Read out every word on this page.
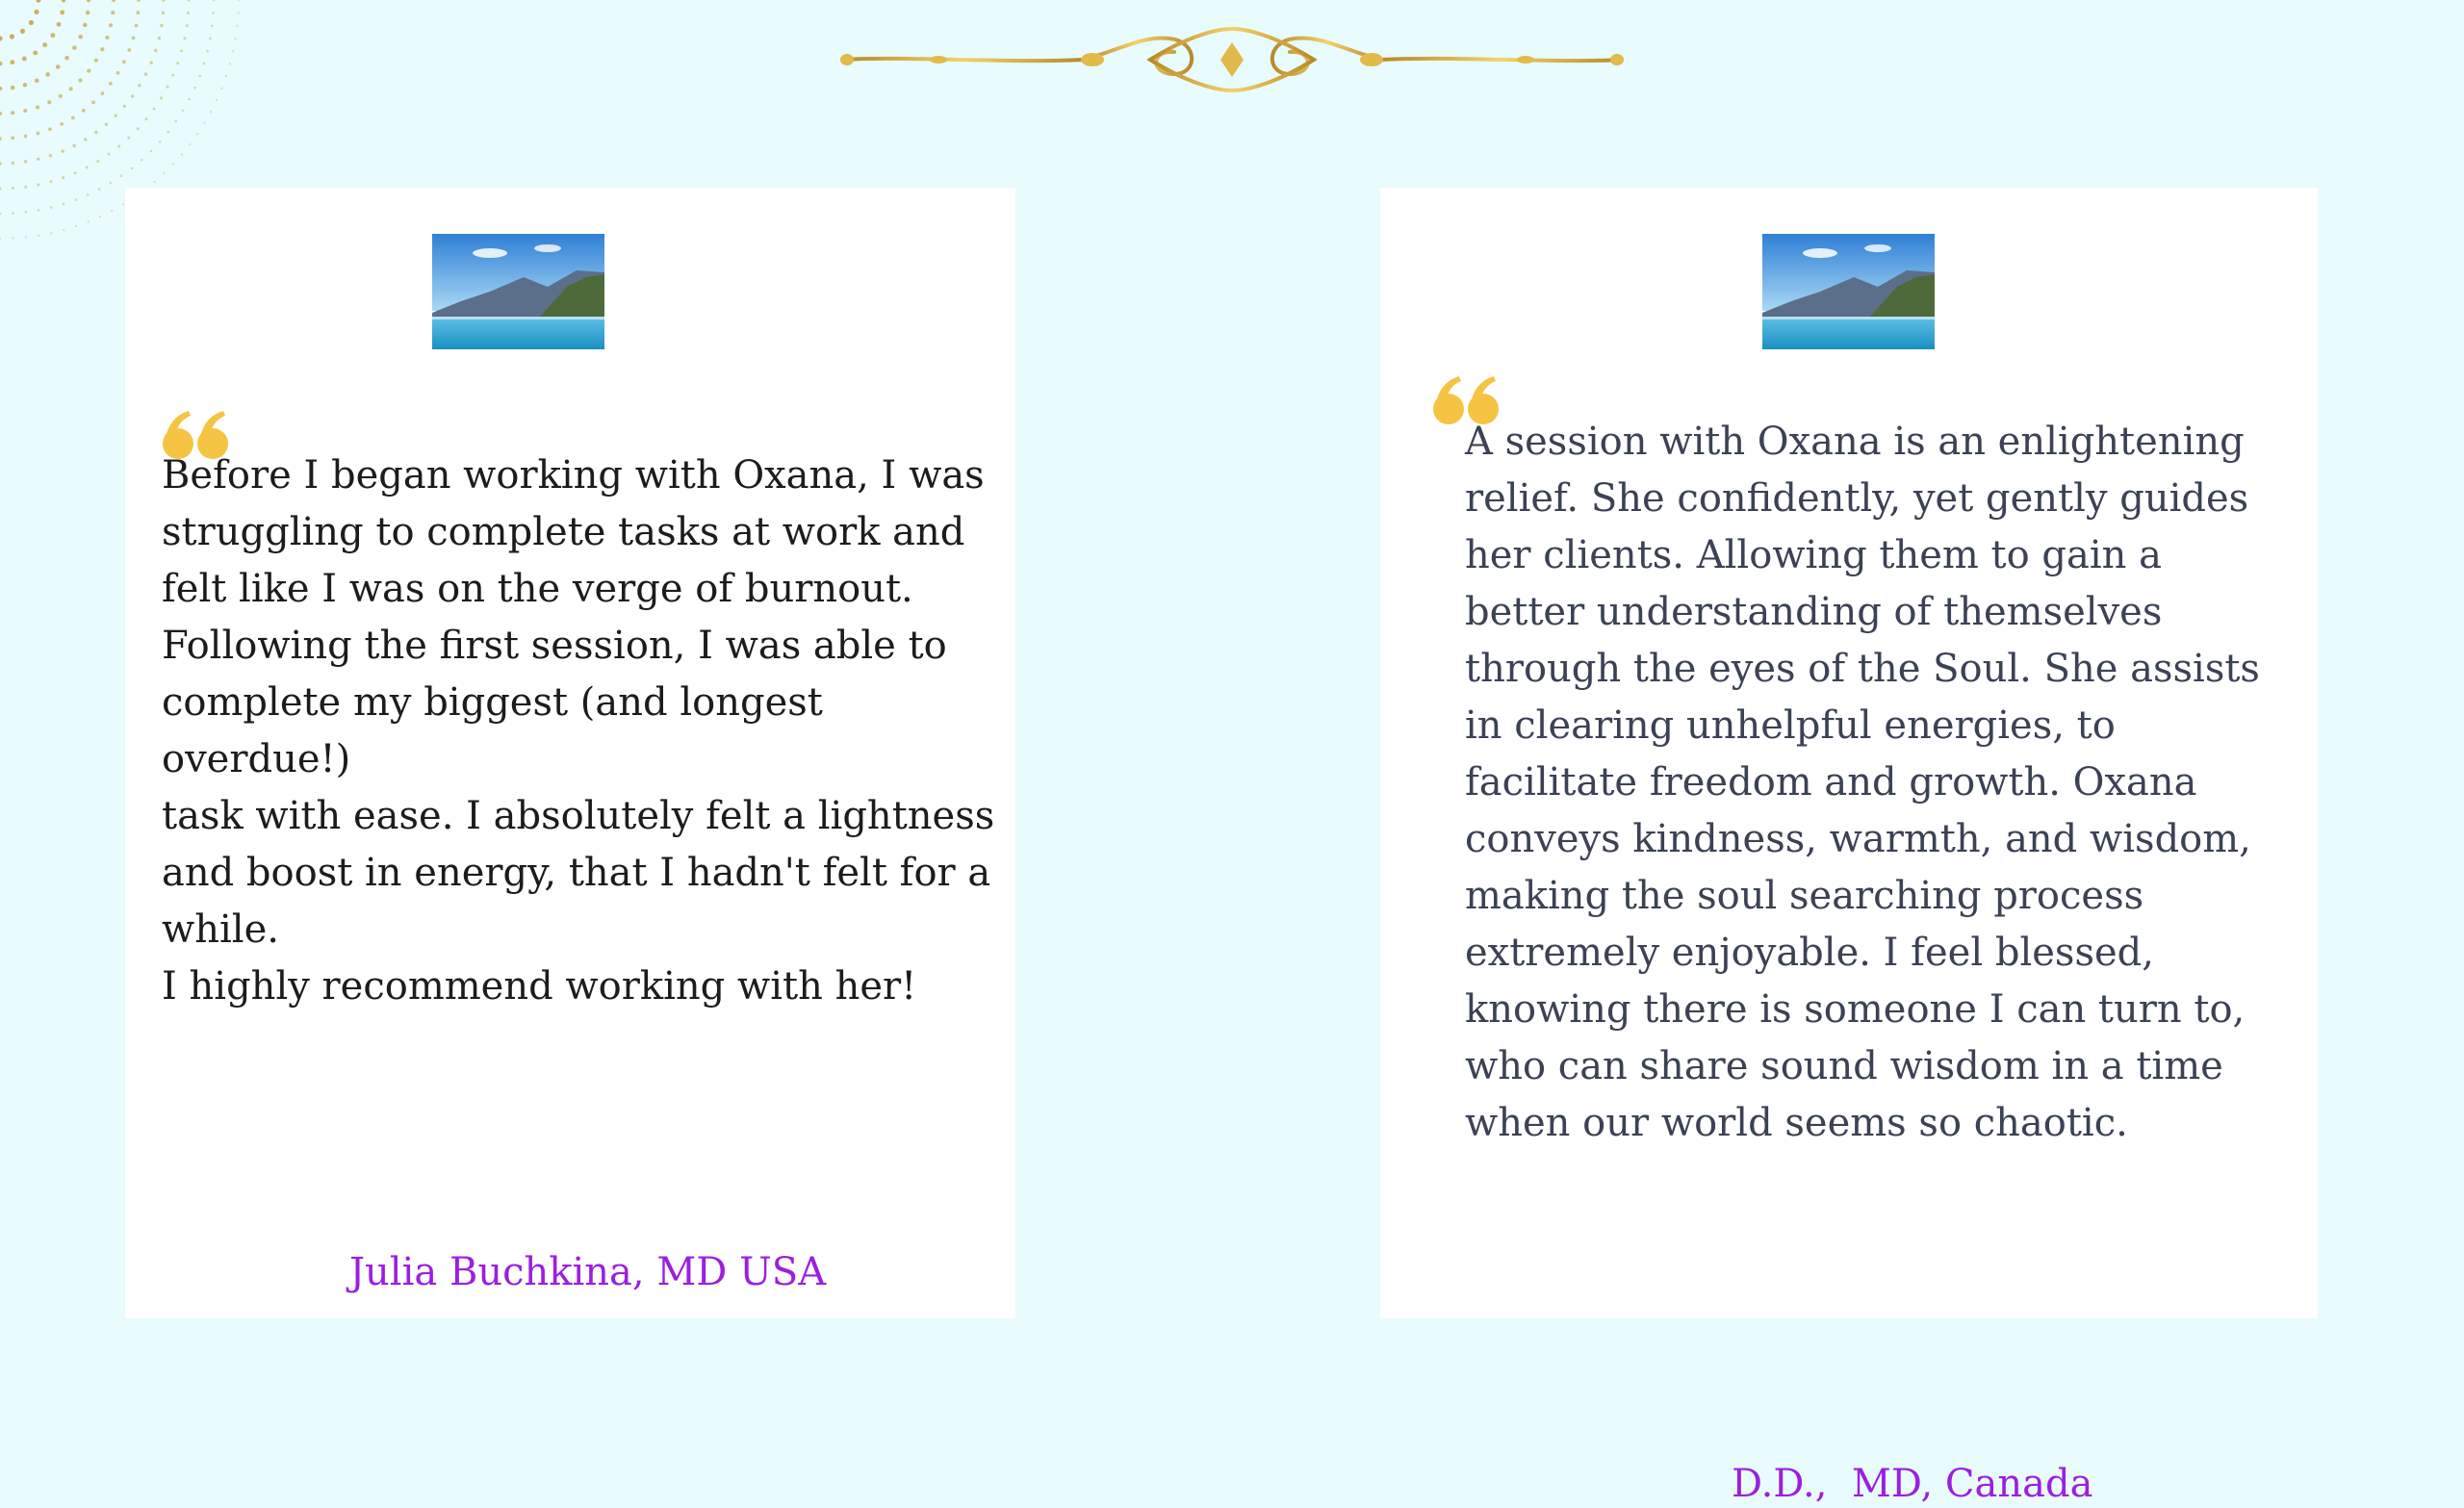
Before I began working with Oxana, I was
struggling to complete tasks at work and
felt like I was on the verge of burnout.
Following the first session, I was able to
complete my biggest (and longest overdue!)
task with ease. I absolutely felt a lightness
and boost in energy, that I hadn't felt for a
while.
I highly recommend working with her!

Julia Buchkina, MD USA

A session with Oxana is an enlightening
relief. She confidently, yet gently guides
her clients. Allowing them to gain a
better understanding of themselves
through the eyes of the Soul. She assists
in clearing unhelpful energies, to
facilitate freedom and growth. Oxana
conveys kindness, warmth, and wisdom,
making the soul searching process
extremely enjoyable. I feel blessed,
knowing there is someone I can turn to,
who can share sound wisdom in a time
when our world seems so chaotic.

D.D.,  MD, Canada
